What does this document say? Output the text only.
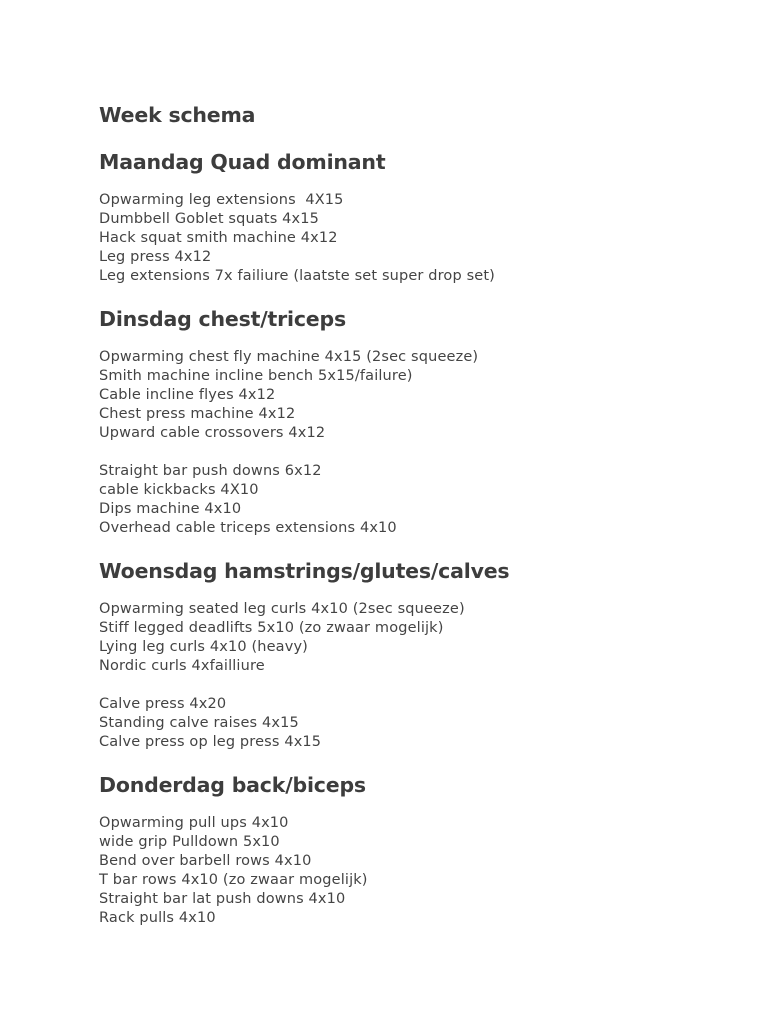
Week schema
Maandag Quad dominant
Opwarming leg extensions  4X15
Dumbbell Goblet squats 4x15
Hack squat smith machine 4x12
Leg press 4x12
Leg extensions 7x failiure (laatste set super drop set)
Dinsdag chest/triceps
Opwarming chest fly machine 4x15 (2sec squeeze)
Smith machine incline bench 5x15/failure)
Cable incline flyes 4x12
Chest press machine 4x12
Upward cable crossovers 4x12
Straight bar push downs 6x12
cable kickbacks 4X10
Dips machine 4x10
Overhead cable triceps extensions 4x10
Woensdag hamstrings/glutes/calves
Opwarming seated leg curls 4x10 (2sec squeeze)
Stiff legged deadlifts 5x10 (zo zwaar mogelijk)
Lying leg curls 4x10 (heavy)
Nordic curls 4xfailliure
Calve press 4x20
Standing calve raises 4x15
Calve press op leg press 4x15
Donderdag back/biceps
Opwarming pull ups 4x10
wide grip Pulldown 5x10
Bend over barbell rows 4x10
T bar rows 4x10 (zo zwaar mogelijk)
Straight bar lat push downs 4x10
Rack pulls 4x10
